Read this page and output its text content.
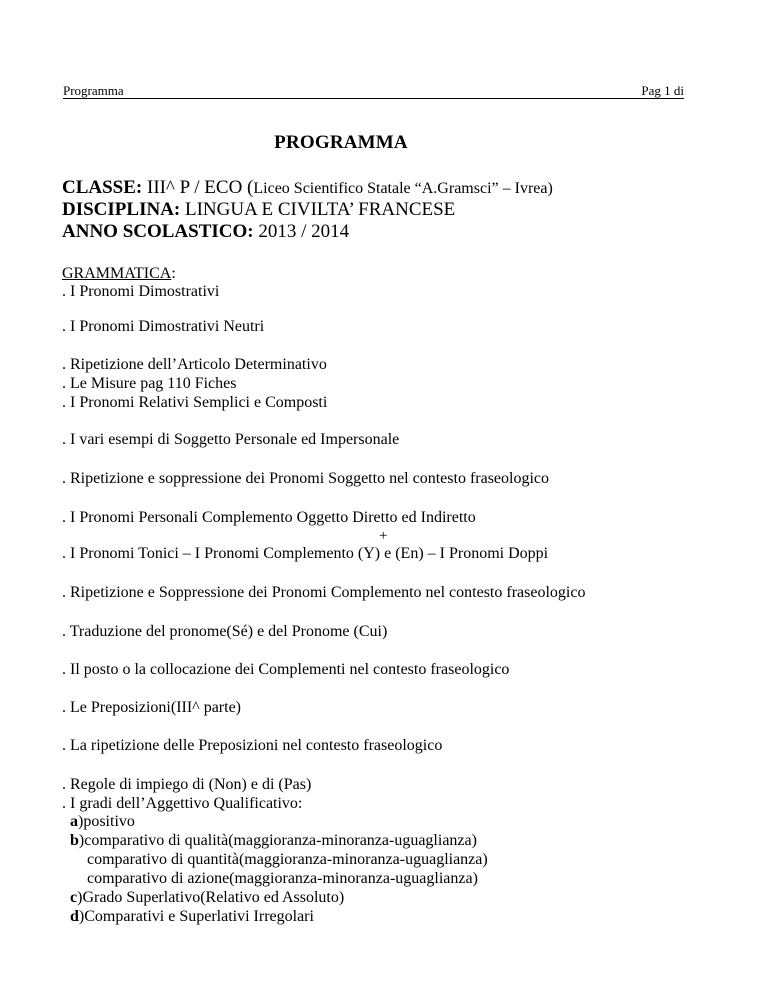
Programma	Pag 1 di
PROGRAMMA
CLASSE: III^ P / ECO (Liceo Scientifico Statale “A.Gramsci” – Ivrea)
DISCIPLINA: LINGUA E CIVILTA’ FRANCESE
ANNO SCOLASTICO: 2013 / 2014
GRAMMATICA:
. I Pronomi Dimostrativi
. I Pronomi Dimostrativi Neutri
. Ripetizione dell’Articolo Determinativo
. Le Misure pag 110 Fiches
. I Pronomi Relativi Semplici e Composti
. I vari esempi di Soggetto Personale ed Impersonale
. Ripetizione e soppressione dei Pronomi Soggetto nel contesto fraseologico
. I Pronomi Personali Complemento Oggetto Diretto ed Indiretto
+
. I Pronomi Tonici – I Pronomi Complemento (Y) e (En) – I Pronomi Doppi
. Ripetizione e Soppressione dei Pronomi Complemento nel contesto fraseologico
. Traduzione del pronome(Sé) e del Pronome (Cui)
. Il posto o la collocazione dei Complementi nel contesto fraseologico
. Le Preposizioni(III^ parte)
. La ripetizione delle Preposizioni nel contesto fraseologico
. Regole di impiego di (Non) e di (Pas)
. I gradi dell’Aggettivo Qualificativo:
a)positivo
b)comparativo di qualità(maggioranza-minoranza-uguaglianza)
comparativo di quantità(maggioranza-minoranza-uguaglianza)
comparativo di azione(maggioranza-minoranza-uguaglianza)
c)Grado Superlativo(Relativo ed Assoluto)
d)Comparativi e Superlativi Irregolari
